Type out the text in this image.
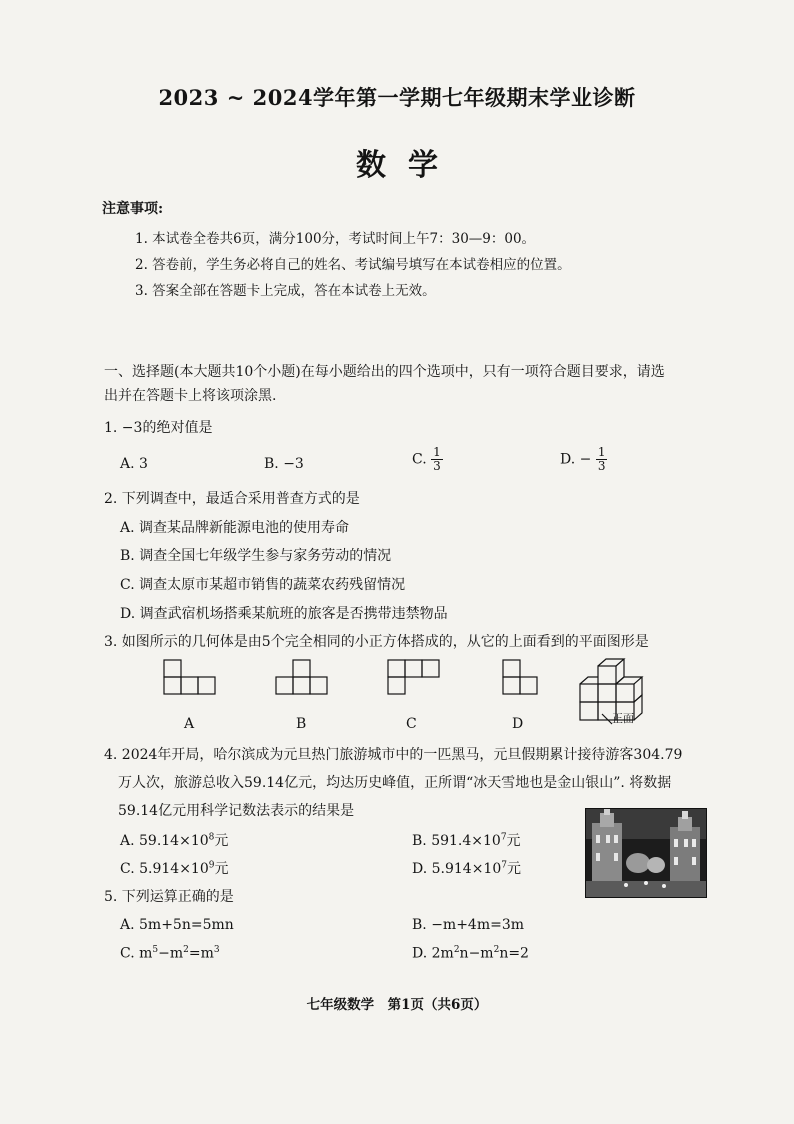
2023 ~ 2024学年第一学期七年级期末学业诊断
数学
注意事项:
1. 本试卷全卷共6页，满分100分，考试时间上午7：30—9：00。
2. 答卷前，学生务必将自己的姓名、考试编号填写在本试卷相应的位置。
3. 答案全部在答题卡上完成，答在本试卷上无效。
一、选择题(本大题共10个小题)在每小题给出的四个选项中，只有一项符合题目要求，请选
出并在答题卡上将该项涂黑.
1. −3的绝对值是
A. 3	B. −3	C. $\frac{1}{3}$	D. − $\frac{1}{3}$
2. 下列调查中，最适合采用普查方式的是
A. 调查某品牌新能源电池的使用寿命
B. 调查全国七年级学生参与家务劳动的情况
C. 调查太原市某超市销售的蔬菜农药残留情况
D. 调查武宿机场搭乘某航班的旅客是否携带违禁物品
3. 如图所示的几何体是由5个完全相同的小正方体搭成的，从它的上面看到的平面图形是
A	B	C	D	正面
4. 2024年开局，哈尔滨成为元旦热门旅游城市中的一匹黑马，元旦假期累计接待游客304.79
万人次，旅游总收入59.14亿元，均达历史峰值，正所谓“冰天雪地也是金山银山”. 将数据
59.14亿元用科学记数法表示的结果是
A. $59.14\times 10^8$元	B. $591.4\times 10^7$元
C. $5.914\times 10^9$元	D. $5.914\times 10^7$元
5. 下列运算正确的是
A. 5m+5n=5mn	B. −m+4m=3m
C. $m^5-m^2=m^3$	D. $2m^2n-m^2n=2$
七年级数学　第1页（共6页）
